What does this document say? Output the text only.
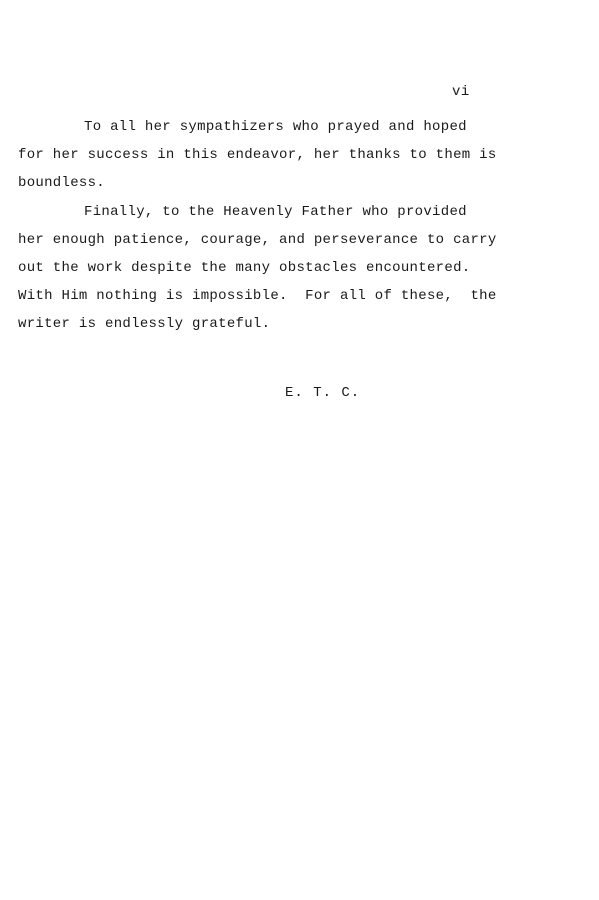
vi
To all her sympathizers who prayed and hoped
for her success in this endeavor, her thanks to them is
boundless.
Finally, to the Heavenly Father who provided
her enough patience, courage, and perseverance to carry
out the work despite the many obstacles encountered.
With Him nothing is impossible.  For all of these,  the
writer is endlessly grateful.
E. T. C.
